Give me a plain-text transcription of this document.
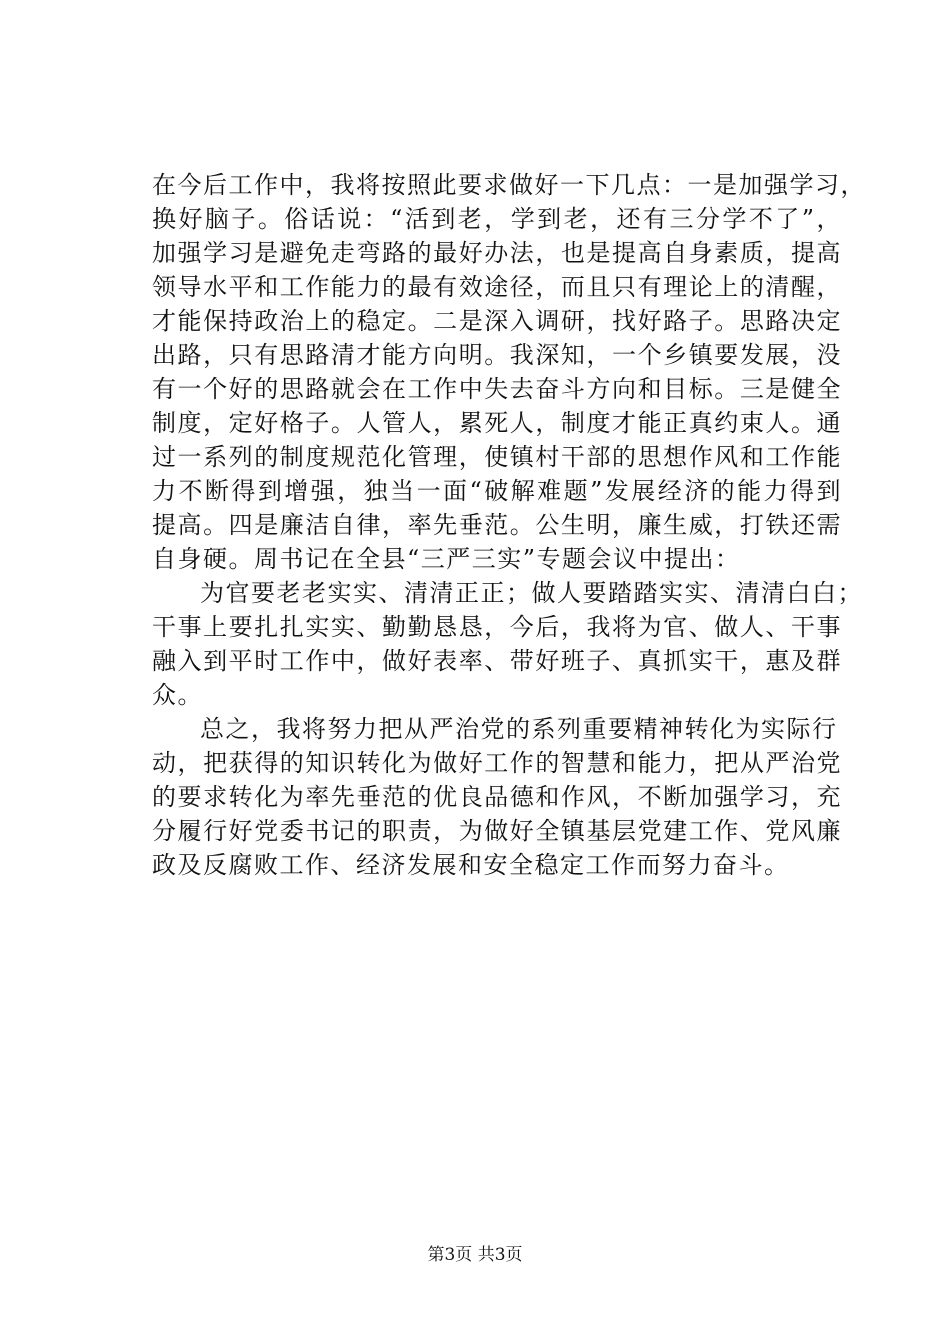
在今后工作中，我将按照此要求做好一下几点：一是加强学习，
换好脑子。俗话说：“活到老，学到老，还有三分学不了”，
加强学习是避免走弯路的最好办法，也是提高自身素质，提高
领导水平和工作能力的最有效途径，而且只有理论上的清醒，
才能保持政治上的稳定。二是深入调研，找好路子。思路决定
出路，只有思路清才能方向明。我深知，一个乡镇要发展，没
有一个好的思路就会在工作中失去奋斗方向和目标。三是健全
制度，定好格子。人管人，累死人，制度才能正真约束人。通
过一系列的制度规范化管理，使镇村干部的思想作风和工作能
力不断得到增强，独当一面“破解难题”发展经济的能力得到
提高。四是廉洁自律，率先垂范。公生明，廉生威，打铁还需
自身硬。周书记在全县“三严三实”专题会议中提出：
为官要老老实实、清清正正；做人要踏踏实实、清清白白；
干事上要扎扎实实、勤勤恳恳，今后，我将为官、做人、干事
融入到平时工作中，做好表率、带好班子、真抓实干，惠及群
众。
总之，我将努力把从严治党的系列重要精神转化为实际行
动，把获得的知识转化为做好工作的智慧和能力，把从严治党
的要求转化为率先垂范的优良品德和作风，不断加强学习，充
分履行好党委书记的职责，为做好全镇基层党建工作、党风廉
政及反腐败工作、经济发展和安全稳定工作而努力奋斗。
第3页 共3页
